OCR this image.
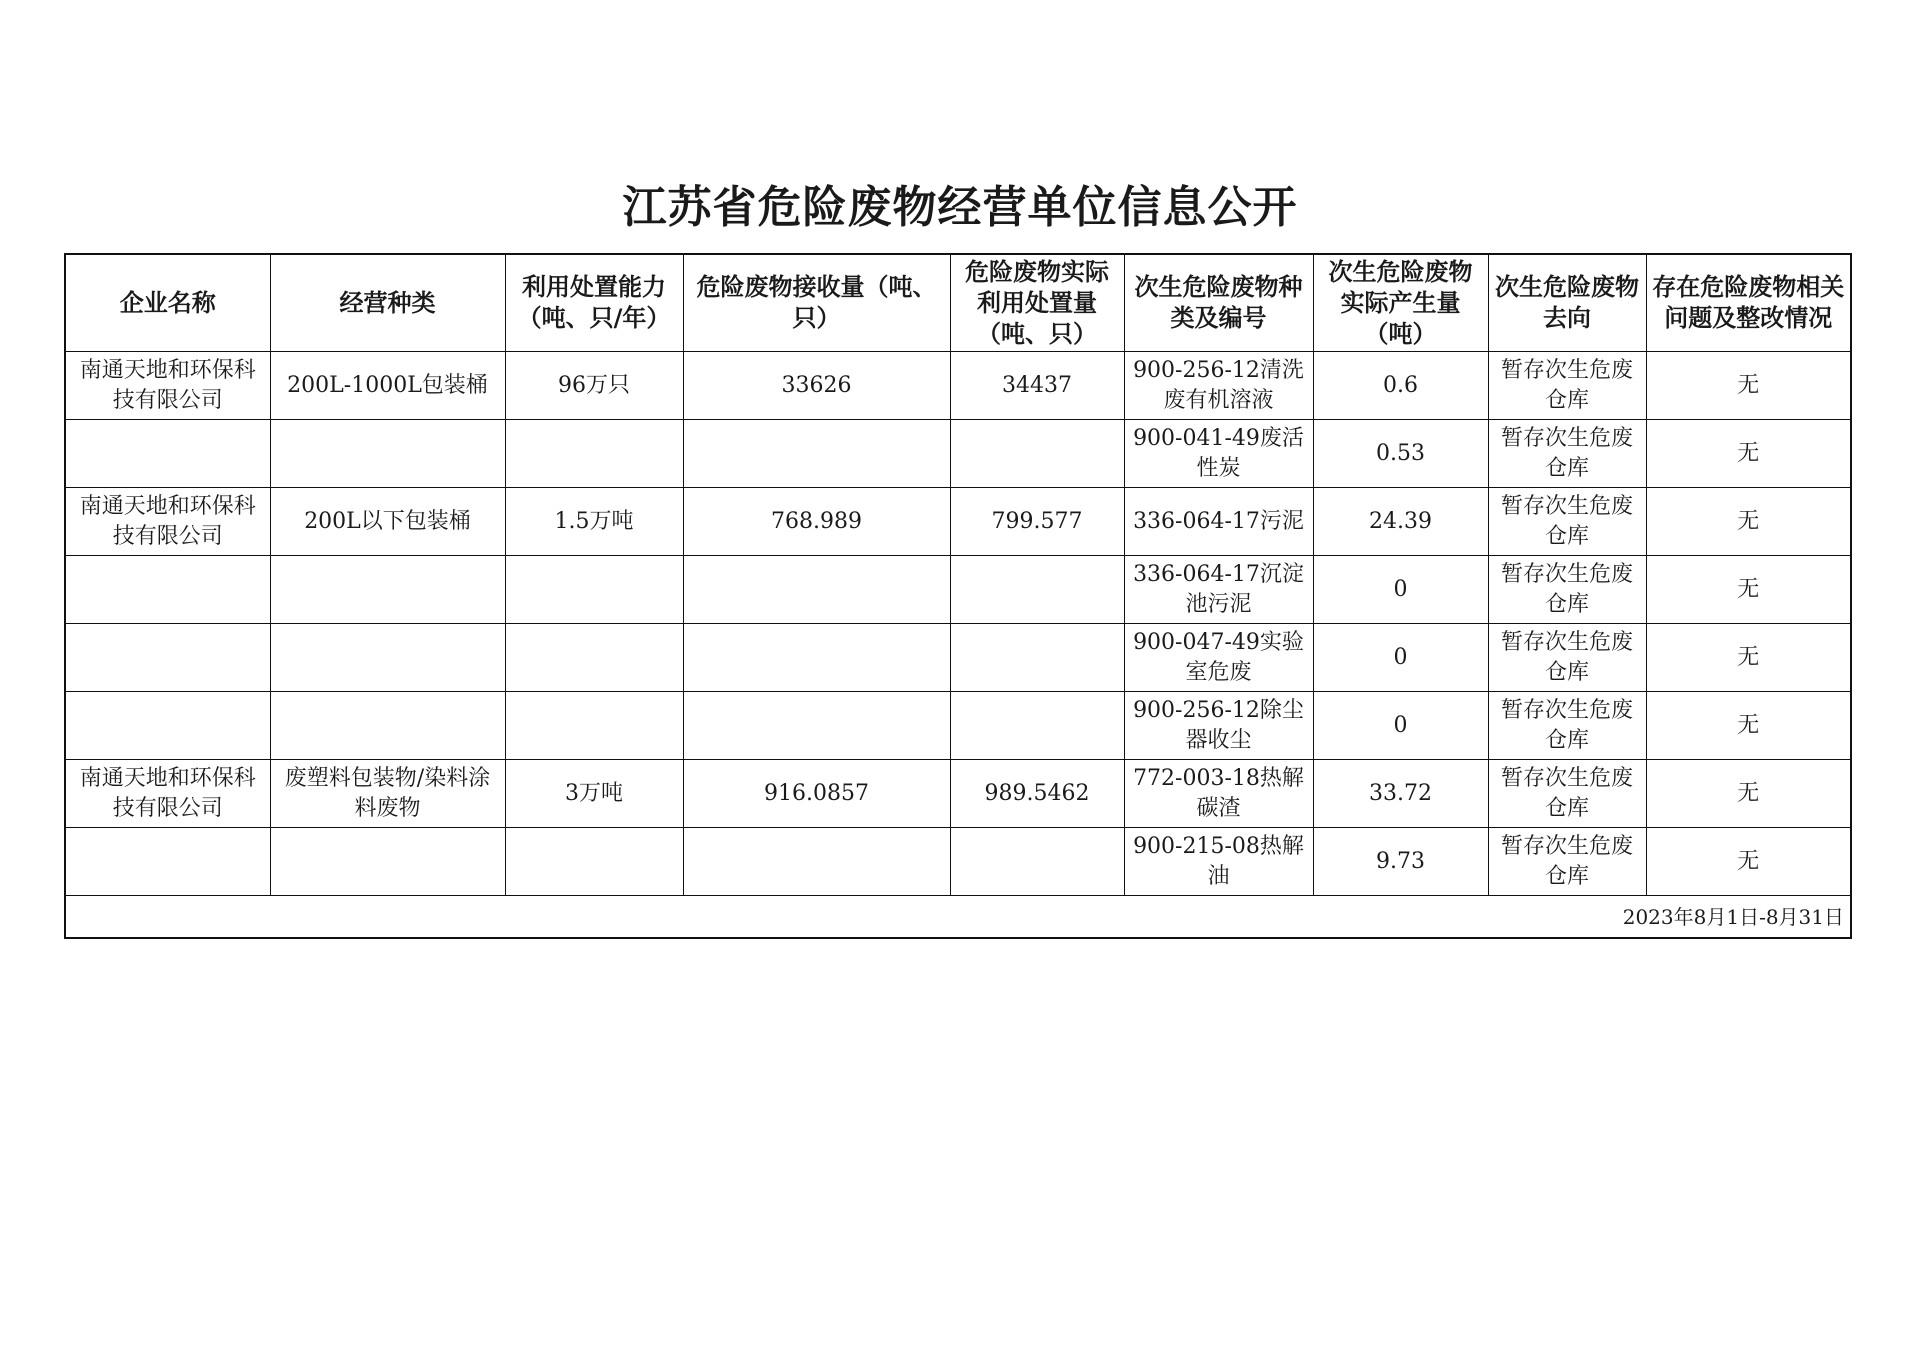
江苏省危险废物经营单位信息公开
企业名称	经营种类	利用处置能力（吨、只/年）	危险废物接收量（吨、只）	危险废物实际利用处置量（吨、只）	次生危险废物种类及编号	次生危险废物实际产生量（吨）	次生危险废物去向	存在危险废物相关问题及整改情况
南通天地和环保科技有限公司	200L-1000L包装桶	96万只	33626	34437	900-256-12清洗废有机溶液	0.6	暂存次生危废仓库	无
					900-041-49废活性炭	0.53	暂存次生危废仓库	无
南通天地和环保科技有限公司	200L以下包装桶	1.5万吨	768.989	799.577	336-064-17污泥	24.39	暂存次生危废仓库	无
					336-064-17沉淀池污泥	0	暂存次生危废仓库	无
					900-047-49实验室危废	0	暂存次生危废仓库	无
					900-256-12除尘器收尘	0	暂存次生危废仓库	无
南通天地和环保科技有限公司	废塑料包装物/染料涂料废物	3万吨	916.0857	989.5462	772-003-18热解碳渣	33.72	暂存次生危废仓库	无
					900-215-08热解油	9.73	暂存次生危废仓库	无
2023年8月1日-8月31日								
